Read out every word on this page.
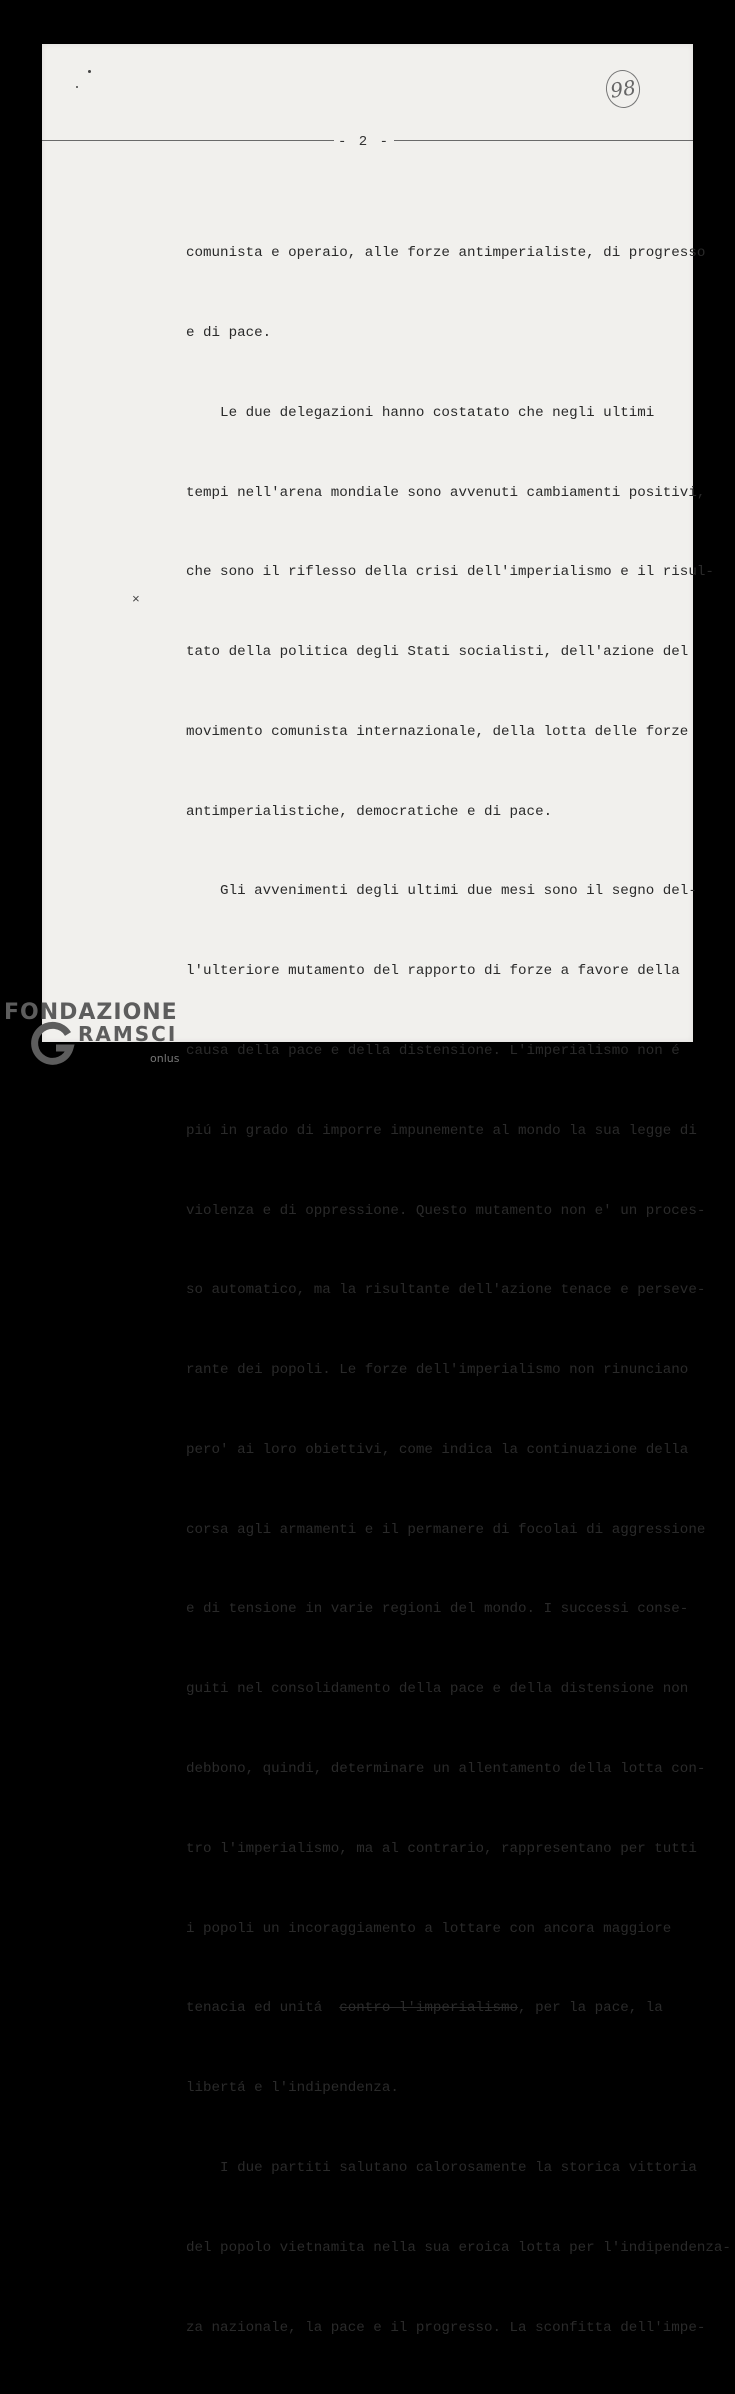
98
- 2 -
×

comunista e operaio, alle forze antimperialiste, di progresso

e di pace.

Le due delegazioni hanno costatato che negli ultimi

tempi nell'arena mondiale sono avvenuti cambiamenti positivi,

che sono il riflesso della crisi dell'imperialismo e il risul-

tato della politica degli Stati socialisti, dell'azione del

movimento comunista internazionale, della lotta delle forze

antimperialistiche, democratiche e di pace.

Gli avvenimenti degli ultimi due mesi sono il segno del-

l'ulteriore mutamento del rapporto di forze a favore della

causa della pace e della distensione. L'imperialismo non é

piú in grado di imporre impunemente al mondo la sua legge di

violenza e di oppressione. Questo mutamento non e' un proces-

so automatico, ma la risultante dell'azione tenace e perseve-

rante dei popoli. Le forze dell'imperialismo non rinunciano

pero' ai loro obiettivi, come indica la continuazione della

corsa agli armamenti e il permanere di focolai di aggressione

e di tensione in varie regioni del mondo. I successi conse-

guiti nel consolidamento della pace e della distensione non

debbono, quindi, determinare un allentamento della lotta con-

tro l'imperialismo, ma al contrario, rappresentano per tutti

i popoli un incoraggiamento a lottare con ancora maggiore

tenacia ed unitá  contro l'imperialismo, per la pace, la

libertá e l'indipendenza.

I due partiti salutano calorosamente la storica vittoria

del popolo vietnamita nella sua eroica lotta per l'indipendenza-

za nazionale, la pace e il progresso. La sconfitta dell'impe-

FONDAZIONE
RAMSCI
onlus
